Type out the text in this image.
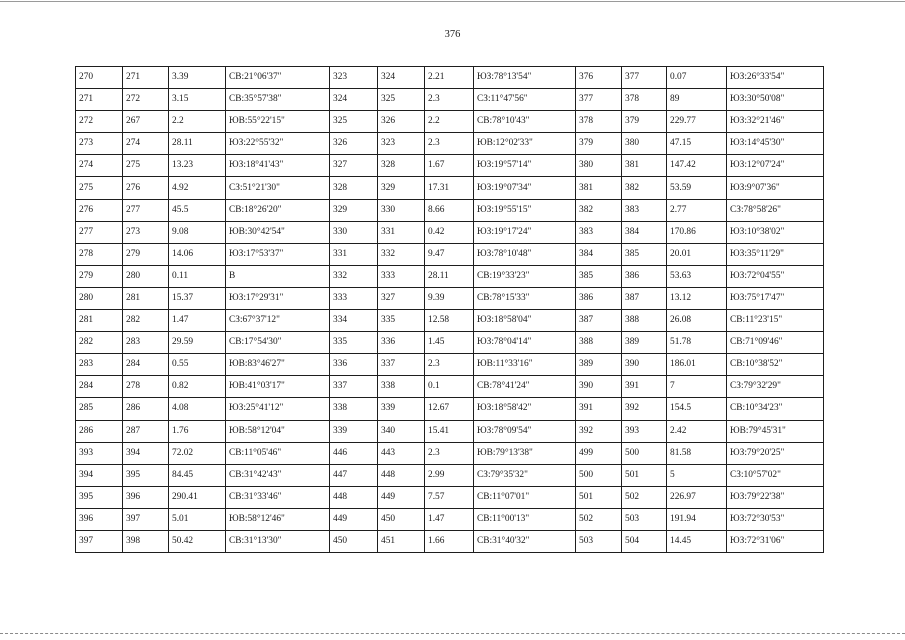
376
270	271	3.39	СВ:21°06'37"	323	324	2.21	ЮЗ:78°13'54"	376	377	0.07	ЮЗ:26°33'54"
271	272	3.15	СВ:35°57'38"	324	325	2.3	СЗ:11°47'56"	377	378	89	ЮЗ:30°50'08"
272	267	2.2	ЮВ:55°22'15"	325	326	2.2	СВ:78°10'43"	378	379	229.77	ЮЗ:32°21'46"
273	274	28.11	ЮЗ:22°55'32"	326	323	2.3	ЮВ:12°02'33"	379	380	47.15	ЮЗ:14°45'30"
274	275	13.23	ЮЗ:18°41'43"	327	328	1.67	ЮЗ:19°57'14"	380	381	147.42	ЮЗ:12°07'24"
275	276	4.92	СЗ:51°21'30"	328	329	17.31	ЮЗ:19°07'34"	381	382	53.59	ЮЗ:9°07'36"
276	277	45.5	СВ:18°26'20"	329	330	8.66	ЮЗ:19°55'15"	382	383	2.77	СЗ:78°58'26"
277	273	9.08	ЮВ:30°42'54"	330	331	0.42	ЮЗ:19°17'24"	383	384	170.86	ЮЗ:10°38'02"
278	279	14.06	ЮЗ:17°53'37"	331	332	9.47	ЮЗ:78°10'48"	384	385	20.01	ЮЗ:35°11'29"
279	280	0.11	В	332	333	28.11	СВ:19°33'23"	385	386	53.63	ЮЗ:72°04'55"
280	281	15.37	ЮЗ:17°29'31"	333	327	9.39	СВ:78°15'33"	386	387	13.12	ЮЗ:75°17'47"
281	282	1.47	СЗ:67°37'12"	334	335	12.58	ЮЗ:18°58'04"	387	388	26.08	СВ:11°23'15"
282	283	29.59	СВ:17°54'30"	335	336	1.45	ЮЗ:78°04'14"	388	389	51.78	СВ:71°09'46"
283	284	0.55	ЮВ:83°46'27"	336	337	2.3	ЮВ:11°33'16"	389	390	186.01	СВ:10°38'52"
284	278	0.82	ЮВ:41°03'17"	337	338	0.1	СВ:78°41'24"	390	391	7	СЗ:79°32'29"
285	286	4.08	ЮЗ:25°41'12"	338	339	12.67	ЮЗ:18°58'42"	391	392	154.5	СВ:10°34'23"
286	287	1.76	ЮВ:58°12'04"	339	340	15.41	ЮЗ:78°09'54"	392	393	2.42	ЮВ:79°45'31"
393	394	72.02	СВ:11°05'46"	446	443	2.3	ЮВ:79°13'38"	499	500	81.58	ЮЗ:79°20'25"
394	395	84.45	СВ:31°42'43"	447	448	2.99	СЗ:79°35'32"	500	501	5	СЗ:10°57'02"
395	396	290.41	СВ:31°33'46"	448	449	7.57	СВ:11°07'01"	501	502	226.97	ЮЗ:79°22'38"
396	397	5.01	ЮВ:58°12'46"	449	450	1.47	СВ:11°00'13"	502	503	191.94	ЮЗ:72°30'53"
397	398	50.42	СВ:31°13'30"	450	451	1.66	СВ:31°40'32"	503	504	14.45	ЮЗ:72°31'06"
